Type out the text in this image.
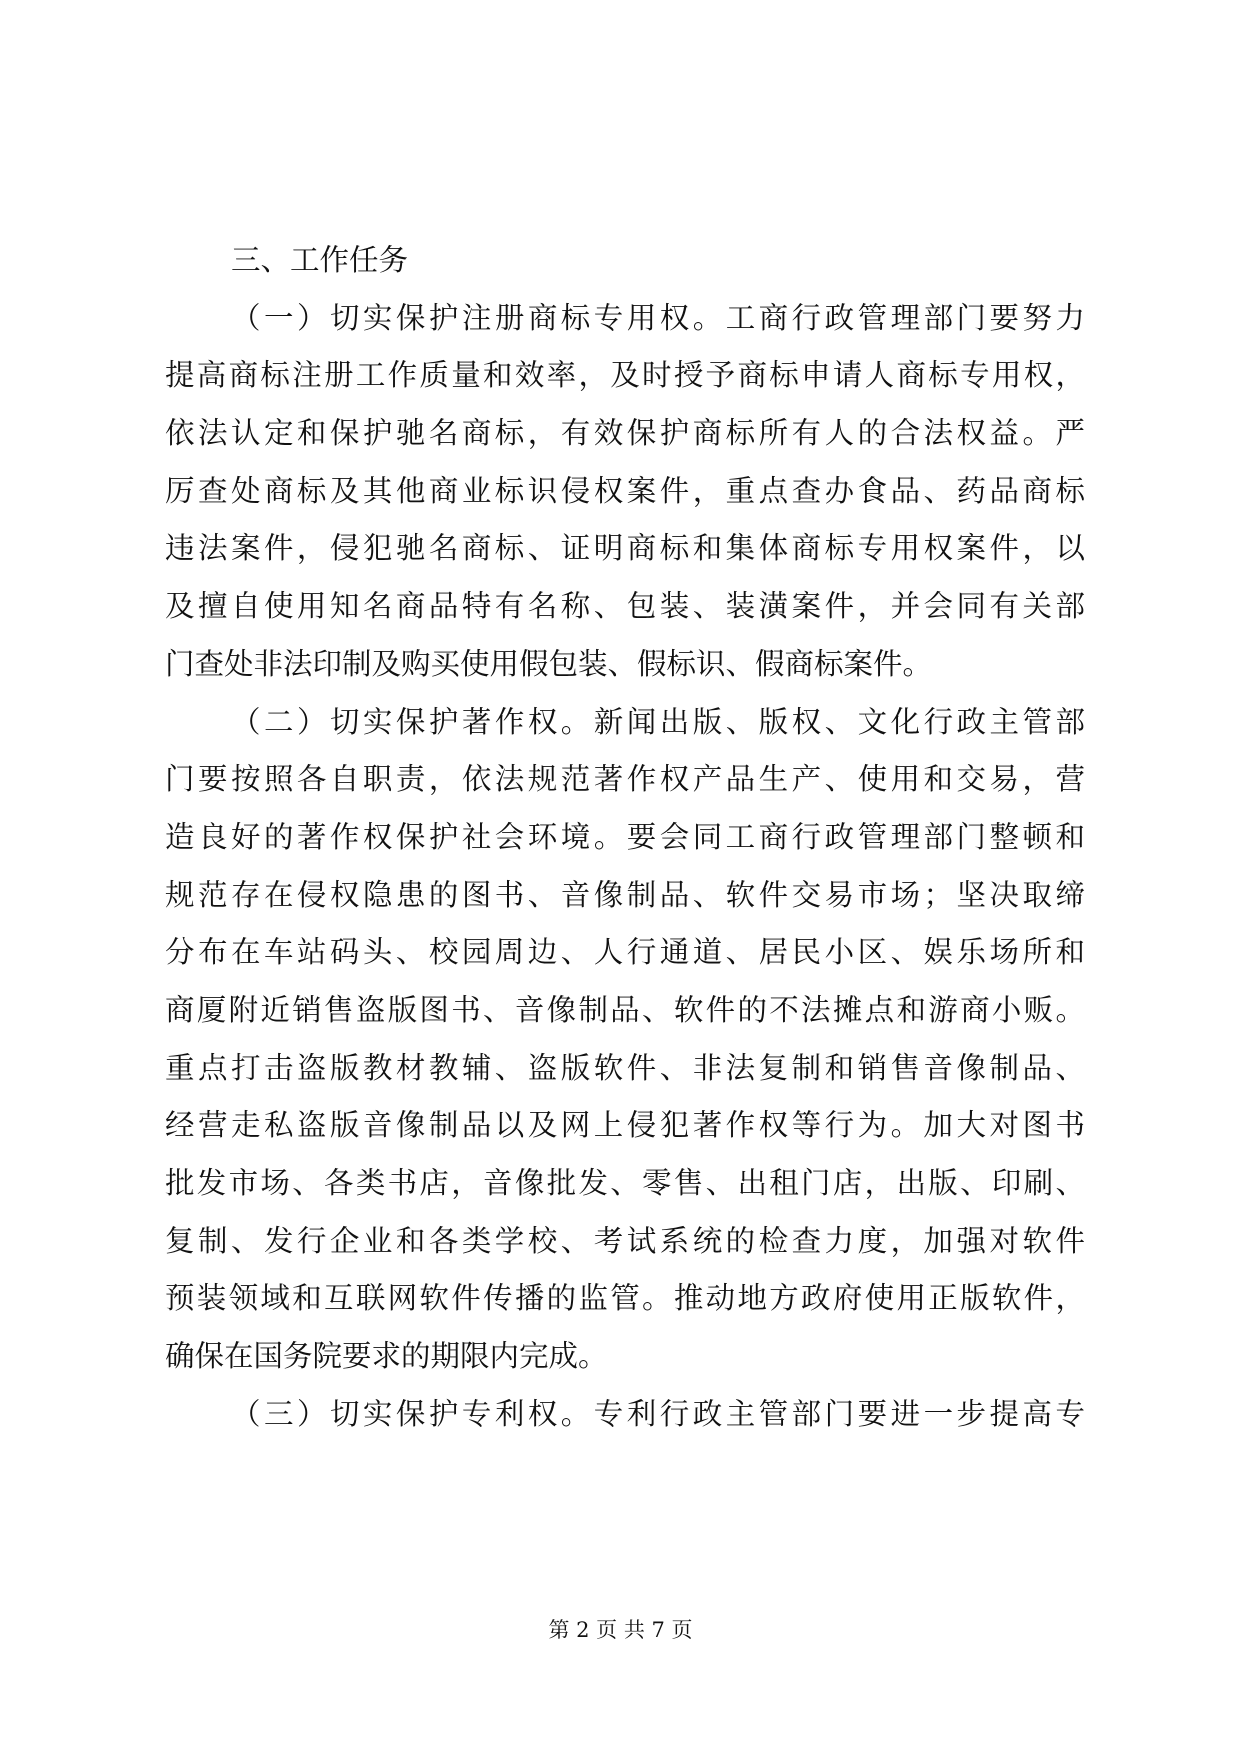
三、工作任务
（一）切实保护注册商标专用权。工商行政管理部门要努力
提高商标注册工作质量和效率，及时授予商标申请人商标专用权，
依法认定和保护驰名商标，有效保护商标所有人的合法权益。严
厉查处商标及其他商业标识侵权案件，重点查办食品、药品商标
违法案件，侵犯驰名商标、证明商标和集体商标专用权案件，以
及擅自使用知名商品特有名称、包装、装潢案件，并会同有关部
门查处非法印制及购买使用假包装、假标识、假商标案件。
（二）切实保护著作权。新闻出版、版权、文化行政主管部
门要按照各自职责，依法规范著作权产品生产、使用和交易，营
造良好的著作权保护社会环境。要会同工商行政管理部门整顿和
规范存在侵权隐患的图书、音像制品、软件交易市场；坚决取缔
分布在车站码头、校园周边、人行通道、居民小区、娱乐场所和
商厦附近销售盗版图书、音像制品、软件的不法摊点和游商小贩。
重点打击盗版教材教辅、盗版软件、非法复制和销售音像制品、
经营走私盗版音像制品以及网上侵犯著作权等行为。加大对图书
批发市场、各类书店，音像批发、零售、出租门店，出版、印刷、
复制、发行企业和各类学校、考试系统的检查力度，加强对软件
预装领域和互联网软件传播的监管。推动地方政府使用正版软件，
确保在国务院要求的期限内完成。
（三）切实保护专利权。专利行政主管部门要进一步提高专
第 2 页 共 7 页
